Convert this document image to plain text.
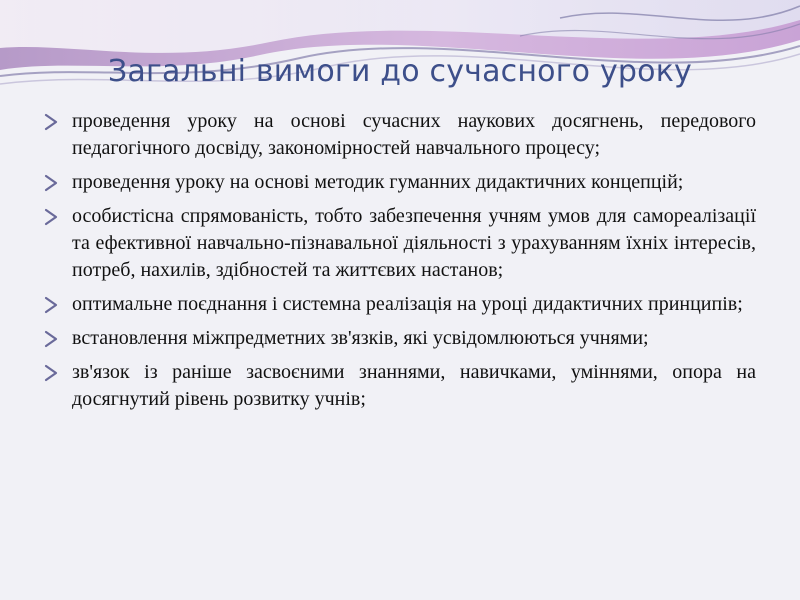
Загальні вимоги до сучасного уроку
проведення уроку на основі сучасних наукових досягнень, передового педагогічного досвіду, закономірностей навчального процесу;
проведення уроку на основі методик гуманних дидактичних концепцій;
особистісна спрямованість, тобто забезпечення учням умов для самореалізації та ефективної навчально-пізнавальної діяльності з урахуванням їхніх інтересів, потреб, нахилів, здібностей та життєвих настанов;
оптимальне поєднання і системна реалізація на уроці дидактичних принципів;
встановлення міжпредметних зв'язків, які усвідомлюються учнями;
зв'язок із раніше засвоєними знаннями, навичками, уміннями, опора на досягнутий рівень розвитку учнів;
